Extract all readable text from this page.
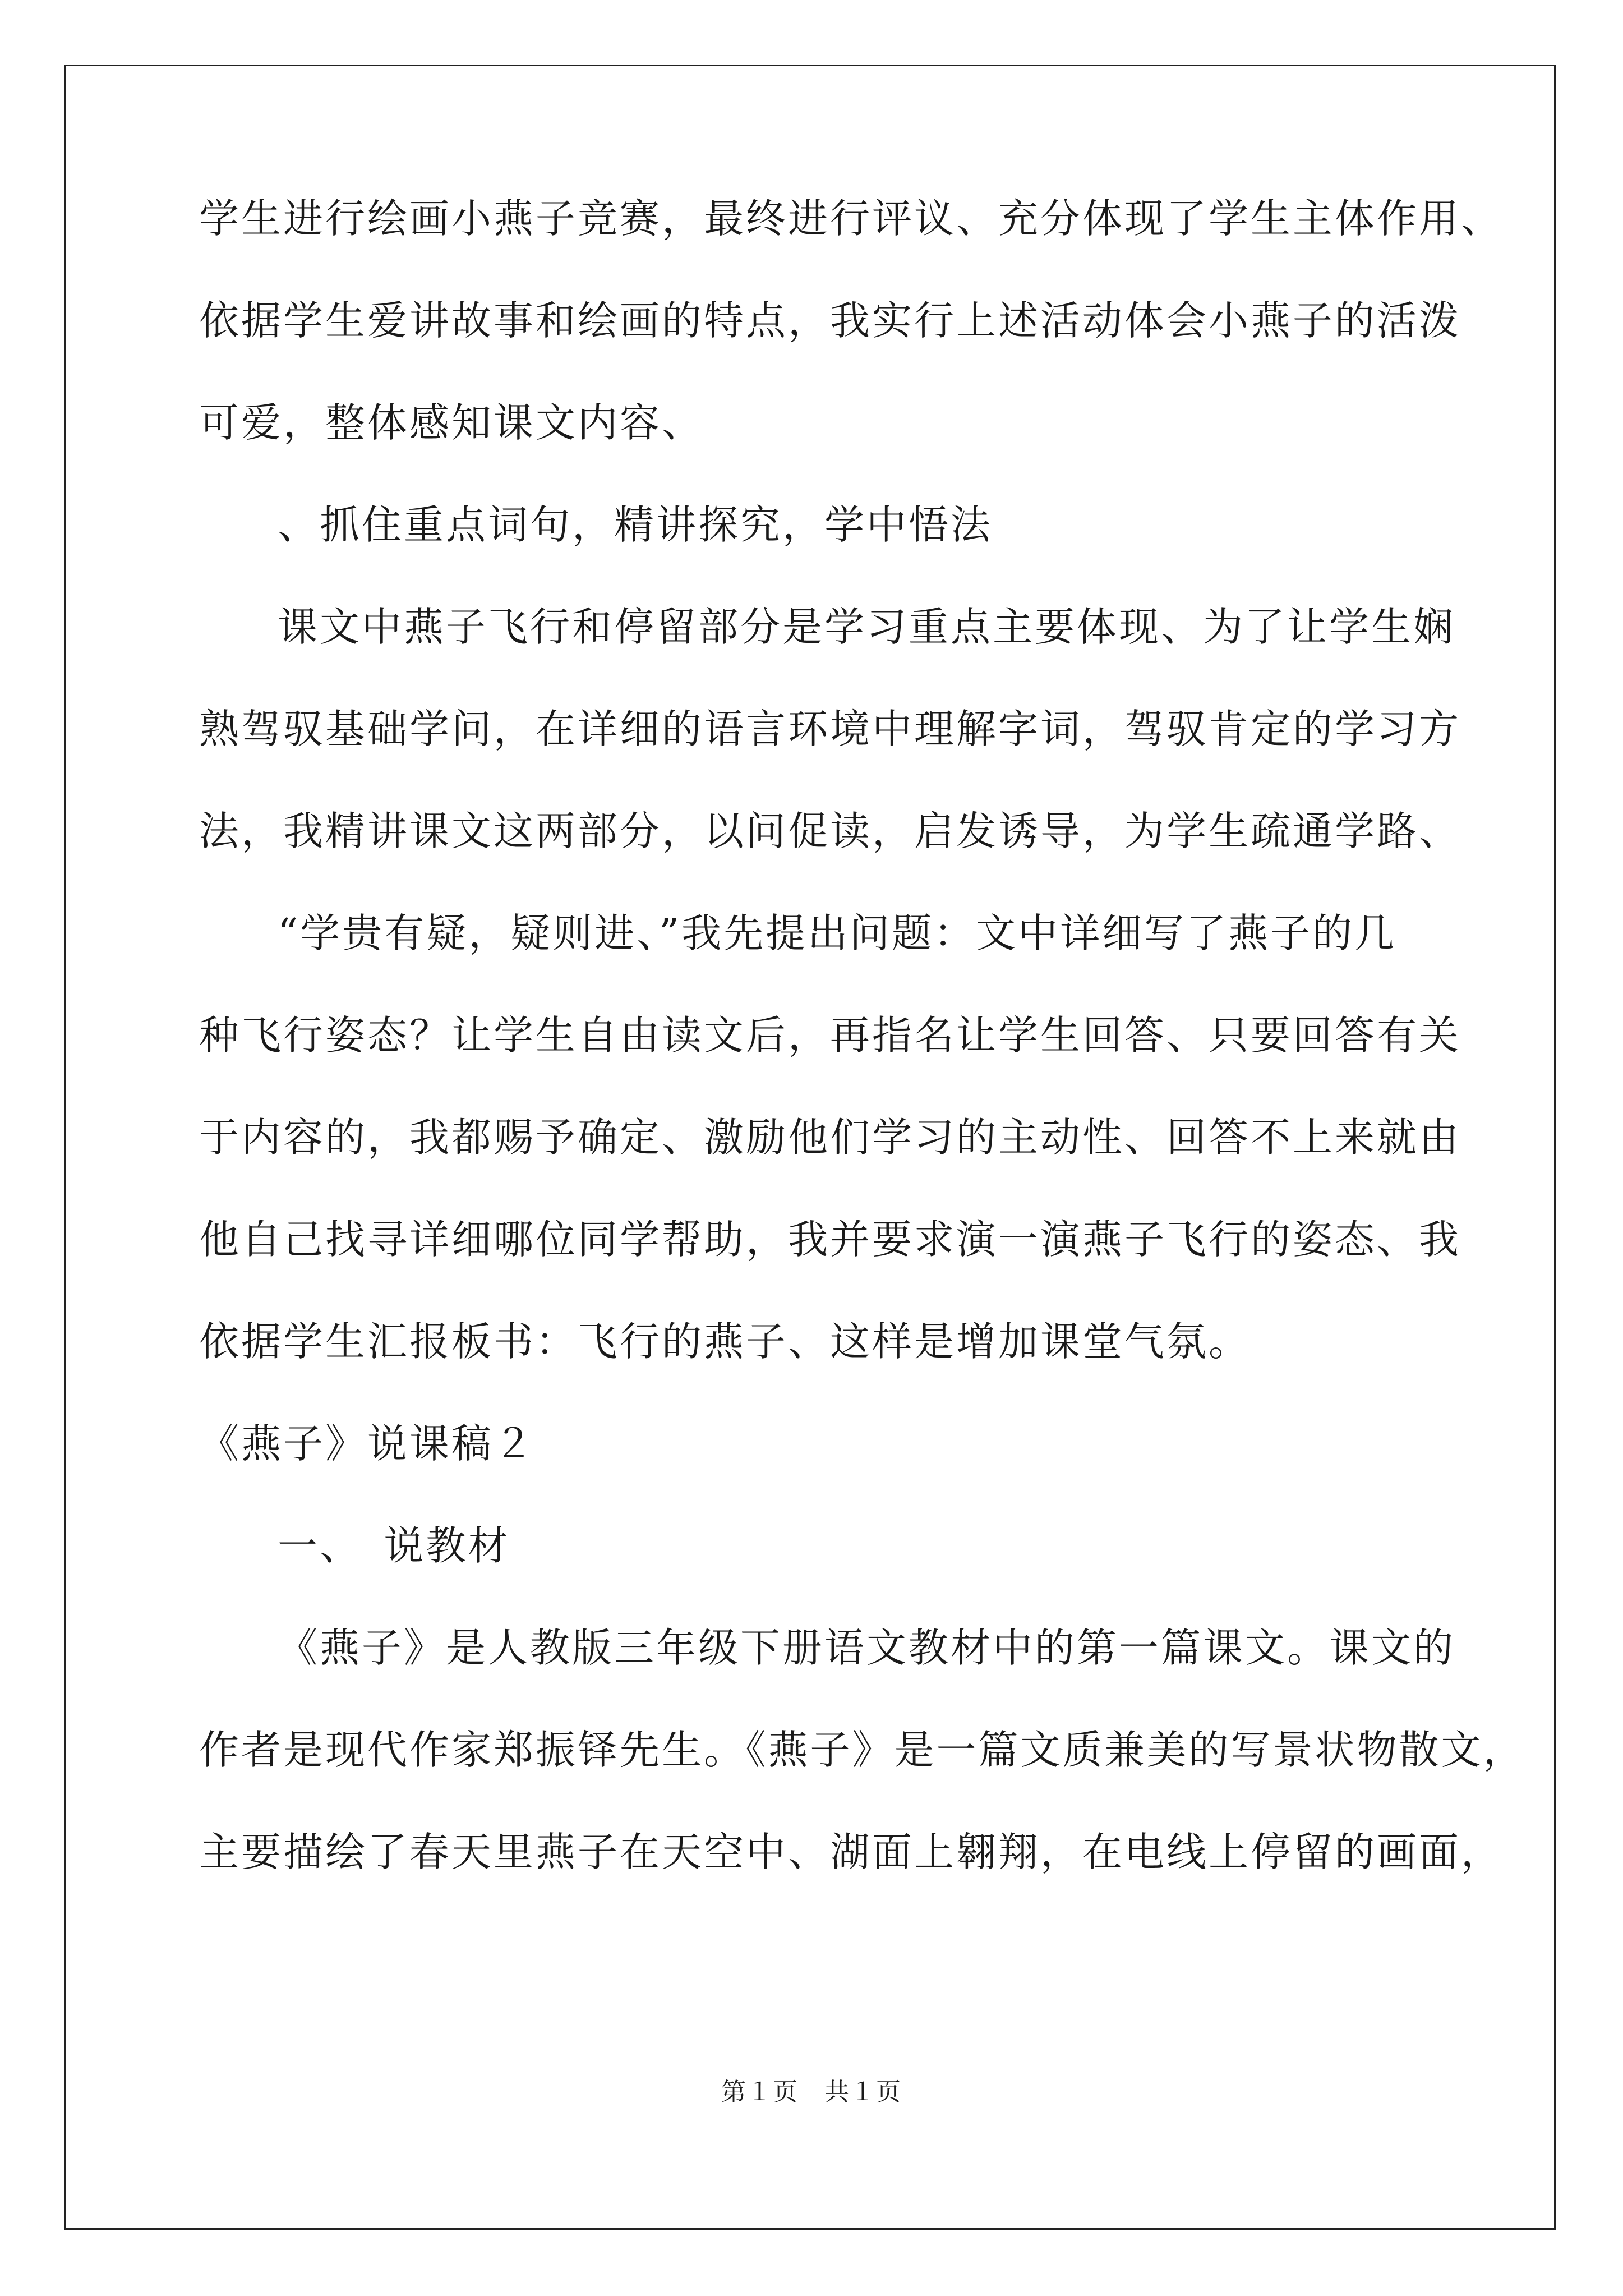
学生进行绘画小燕子竞赛，最终进行评议、充分体现了学生主体作用、
依据学生爱讲故事和绘画的特点，我实行上述活动体会小燕子的活泼
可爱，整体感知课文内容、
、抓住重点词句，精讲探究，学中悟法
课文中燕子飞行和停留部分是学习重点主要体现、为了让学生娴
熟驾驭基础学问，在详细的语言环境中理解字词，驾驭肯定的学习方
法，我精讲课文这两部分，以问促读，启发诱导，为学生疏通学路、
“学贵有疑，疑则进、”我先提出问题：文中详细写了燕子的几
种飞行姿态？让学生自由读文后，再指名让学生回答、只要回答有关
于内容的，我都赐予确定、激励他们学习的主动性、回答不上来就由
他自己找寻详细哪位同学帮助，我并要求演一演燕子飞行的姿态、我
依据学生汇报板书：飞行的燕子、这样是增加课堂气氛。
《燕子》说课稿２
一、　说教材
《燕子》是人教版三年级下册语文教材中的第一篇课文。课文的
作者是现代作家郑振铎先生。《燕子》是一篇文质兼美的写景状物散文，
主要描绘了春天里燕子在天空中、湖面上翱翔，在电线上停留的画面，
第１页　共１页
